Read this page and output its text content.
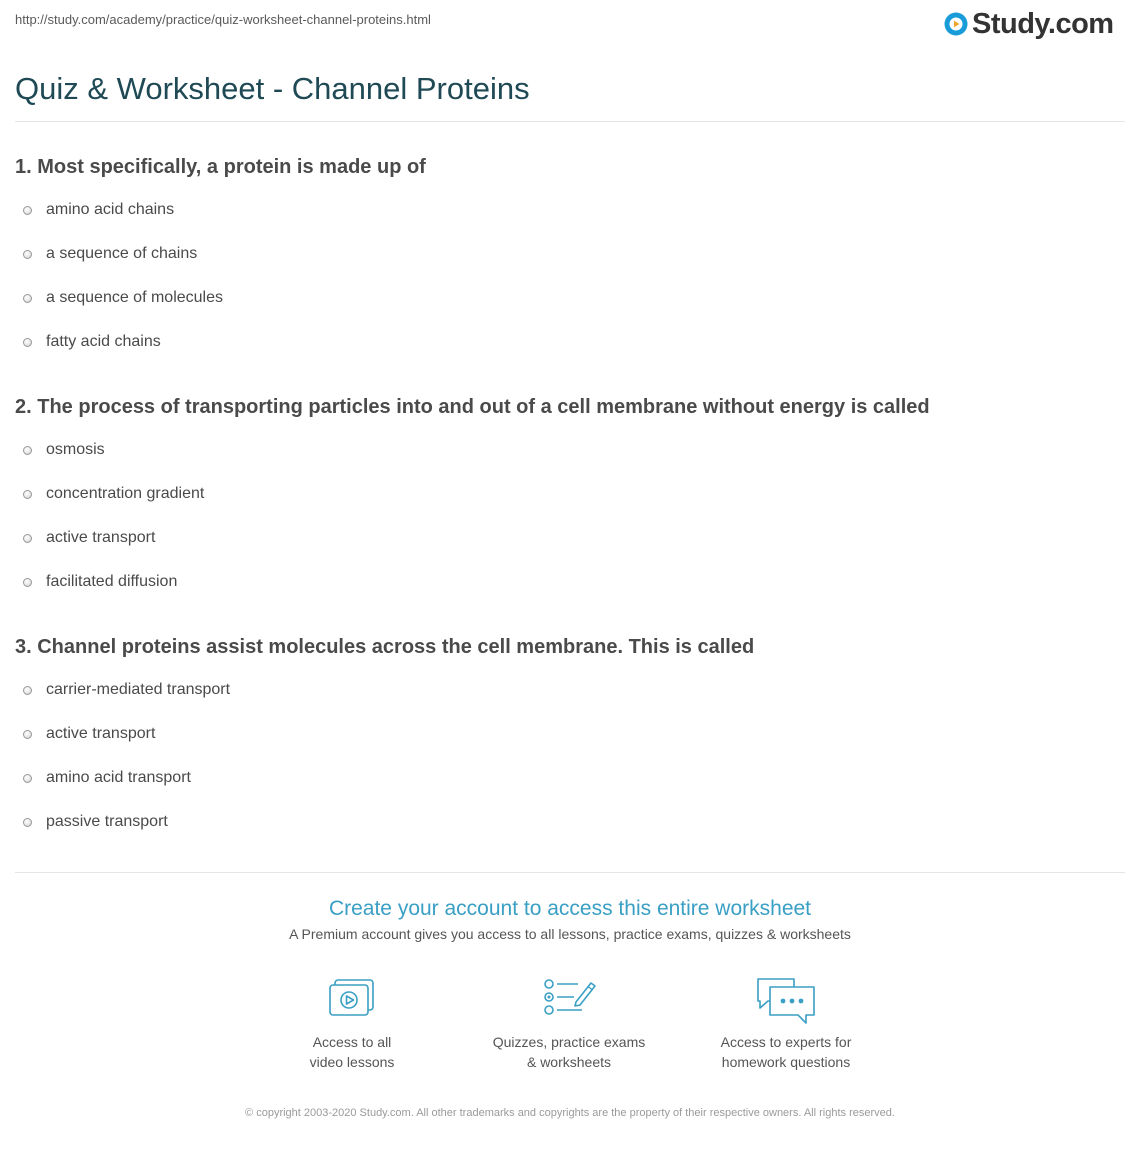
http://study.com/academy/practice/quiz-worksheet-channel-proteins.html	Study.com
Quiz & Worksheet - Channel Proteins
1. Most specifically, a protein is made up of
amino acid chains
a sequence of chains
a sequence of molecules
fatty acid chains
2. The process of transporting particles into and out of a cell membrane without energy is called
osmosis
concentration gradient
active transport
facilitated diffusion
3. Channel proteins assist molecules across the cell membrane. This is called
carrier-mediated transport
active transport
amino acid transport
passive transport
Create your account to access this entire worksheet
A Premium account gives you access to all lessons, practice exams, quizzes & worksheets
Access to all
video lessons
Quizzes, practice exams
& worksheets
Access to experts for
homework questions
© copyright 2003-2020 Study.com. All other trademarks and copyrights are the property of their respective owners. All rights reserved.
